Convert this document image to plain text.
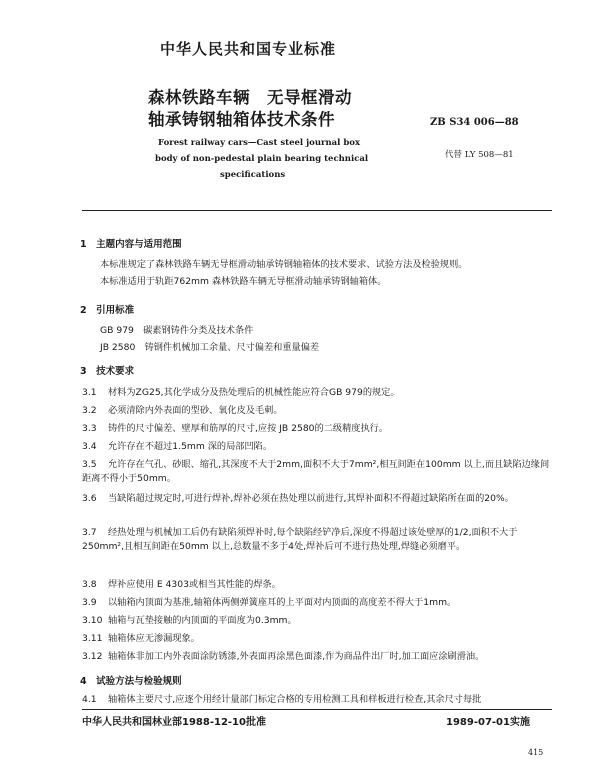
中华人民共和国专业标准
森林铁路车辆　无导框滑动
轴承铸钢轴箱体技术条件
Forest railway cars—Cast steel journal box
body of non-pedestal plain bearing technical
specifications
ZB S34 006—88
代替 LY 508—81
1　主题内容与适用范围
本标准规定了森林铁路车辆无导框滑动轴承铸钢轴箱体的技术要求、试验方法及检验规则。
本标准适用于轨距762mm 森林铁路车辆无导框滑动轴承铸钢轴箱体。
2　引用标准
GB 979　碳素钢铸件分类及技术条件
JB 2580　铸钢件机械加工余量、尺寸偏差和重量偏差
3　技术要求
3.1 材料为ZG25,其化学成分及热处理后的机械性能应符合GB 979的规定。
3.2 必须清除内外表面的型砂、氧化皮及毛刺。
3.3 铸件的尺寸偏差、壁厚和筋厚的尺寸,应按 JB 2580的二级精度执行。
3.4 允许存在不超过1.5mm 深的局部凹陷。
3.5	允许存在气孔、砂眼、缩孔,其深度不大于2mm,面积不大于7mm²,相互间距在100mm 以上,而且缺陷边缘间距离不得小于50mm。
3.6	当缺陷超过规定时,可进行焊补,焊补必须在热处理以前进行,其焊补面积不得超过缺陷所在面的20%。
3.7	经热处理与机械加工后仍有缺陷须焊补时,每个缺陷经铲净后,深度不得超过该处壁厚的1/2,面积不大于250mm²,且相互间距在50mm 以上,总数量不多于4处,焊补后可不进行热处理,焊缝必须磨平。
3.8 焊补应使用 E 4303或相当其性能的焊条。
3.9 以轴箱内顶面为基准,轴箱体两侧弹簧座耳的上平面对内顶面的高度差不得大于1mm。
3.10 轴箱与瓦垫接触的内顶面的平面度为0.3mm。
3.11 轴箱体应无渗漏现象。
3.12 轴箱体非加工内外表面涂防锈漆,外表面再涂黑色面漆,作为商品件出厂时,加工面应涂刷滑油。
4　试验方法与检验规则
4.1 轴箱体主要尺寸,应逐个用经计量部门标定合格的专用检测工具和样板进行检查,其余尺寸每批
中华人民共和国林业部1988-12-10批准	1989-07-01实施
415
